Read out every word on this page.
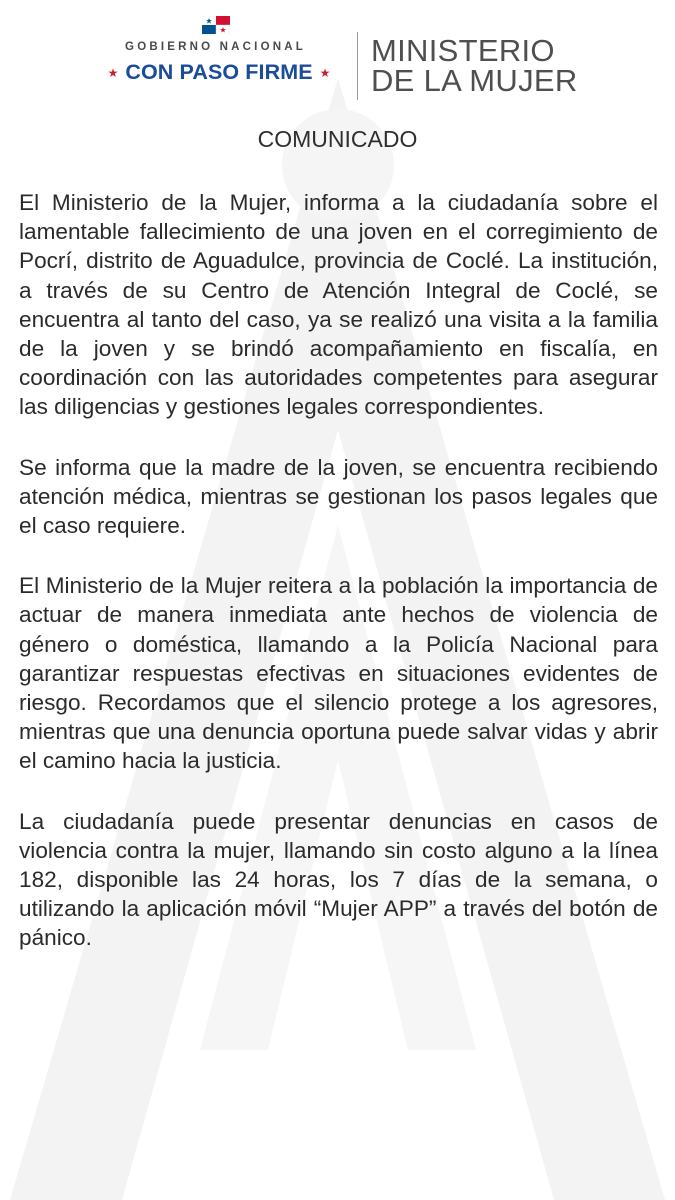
GOBIERNO NACIONAL
★ CON PASO FIRME ★
MINISTERIO
DE LA MUJER
COMUNICADO

El Ministerio de la Mujer, informa a la ciudadanía sobre el lamentable fallecimiento de una joven en el corregimiento de Pocrí, distrito de Aguadulce, provincia de Coclé. La institución, a través de su Centro de Atención Integral de Coclé, se encuentra al tanto del caso, ya se realizó una visita a la familia de la joven y se brindó acompañamiento en fiscalía, en coordinación con las autoridades competentes para asegurar las diligencias y gestiones legales correspondientes.

Se informa que la madre de la joven, se encuentra recibiendo atención médica, mientras se gestionan los pasos legales que el caso requiere.

El Ministerio de la Mujer reitera a la población la importancia de actuar de manera inmediata ante hechos de violencia de género o doméstica, llamando a la Policía Nacional para garantizar respuestas efectivas en situaciones evidentes de riesgo. Recordamos que el silencio protege a los agresores, mientras que una denuncia oportuna puede salvar vidas y abrir el camino hacia la justicia.

La ciudadanía puede presentar denuncias en casos de violencia contra la mujer, llamando sin costo alguno a la línea 182, disponible las 24 horas, los 7 días de la semana, o utilizando la aplicación móvil “Mujer APP” a través del botón de pánico.
